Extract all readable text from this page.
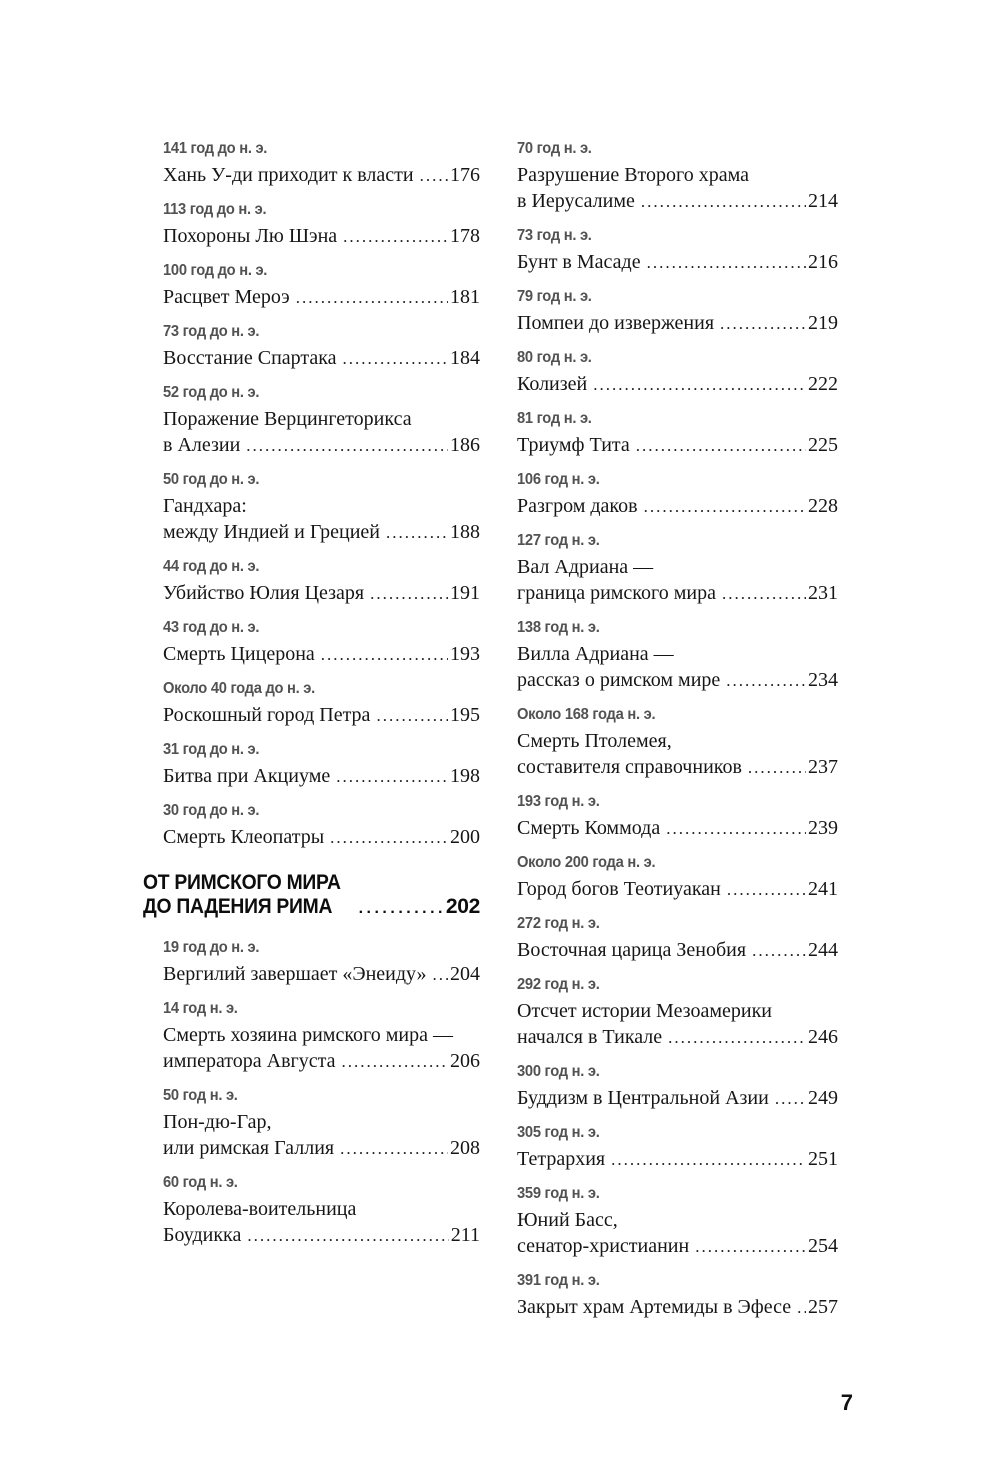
141 год до н. э.
Хань У-ди приходит к власти ..... 176
113 год до н. э.
Похороны Лю Шэна .....	178
100 год до н. э.
Расцвет Мероэ .....	181
73 год до н. э.
Восстание Спартака .....	184
52 год до н. э.
Поражение Верцингеторикса
в Алезии .....	186
50 год до н. э.
Гандхара:
между Индией и Грецией .....	188
44 год до н. э.
Убийство Юлия Цезаря .....	191
43 год до н. э.
Смерть Цицерона .....	193
Около 40 года до н. э.
Роскошный город Петра .....	195
31 год до н. э.
Битва при Акциуме .....	198
30 год до н. э.
Смерть Клеопатры .....	200
ОТ РИМСКОГО МИРА
ДО ПАДЕНИЯ РИМА .....	202
19 год до н. э.
Вергилий завершает «Энеиду» ..... 204
14 год н. э.
Смерть хозяина римского мира —
императора Августа .....	206
50 год н. э.
Пон-дю-Гар,
или римская Галлия .....	208
60 год н. э.
Королева-воительница
Боудикка .....	211
70 год н. э.
Разрушение Второго храма
в Иерусалиме .....	214
73 год н. э.
Бунт в Масаде .....	216
79 год н. э.
Помпеи до извержения .....	219
80 год н. э.
Колизей .....	222
81 год н. э.
Триумф Тита .....	225
106 год н. э.
Разгром даков .....	228
127 год н. э.
Вал Адриана —
граница римского мира .....	231
138 год н. э.
Вилла Адриана —
рассказ о римском мире .....	234
Около 168 года н. э.
Смерть Птолемея,
составителя справочников .....	237
193 год н. э.
Смерть Коммода .....	239
Около 200 года н. э.
Город богов Теотиуакан .....	241
272 год н. э.
Восточная царица Зенобия .....	244
292 год н. э.
Отсчет истории Мезоамерики
начался в Тикале .....	246
300 год н. э.
Буддизм в Центральной Азии ..... 249
305 год н. э.
Тетрархия .....	251
359 год н. э.
Юний Басс,
сенатор-христианин .....	254
391 год н. э.
Закрыт храм Артемиды в Эфесе ..... 257
7
